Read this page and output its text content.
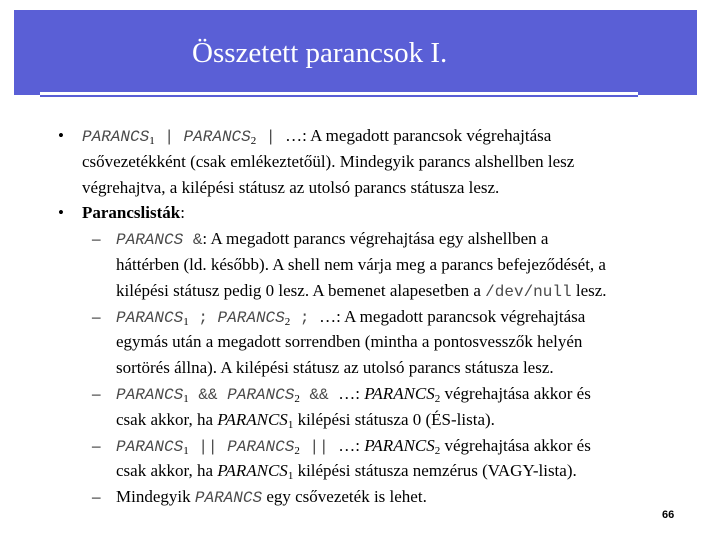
Összetett parancsok I.
• $PARANCS_1$ | $PARANCS_2$ | …: A megadott parancsok végrehajtása
csővezetékként (csak emlékeztetőül). Mindegyik parancs alshellben lesz
végrehajtva, a kilépési státusz az utolsó parancs státusza lesz.
• Parancslisták:
– PARANCS &: A megadott parancs végrehajtása egy alshellben a
háttérben (ld. később). A shell nem várja meg a parancs befejeződését, a
kilépési státusz pedig 0 lesz. A bemenet alapesetben a /dev/null lesz.
– $PARANCS_1$ ; $PARANCS_2$ ; …: A megadott parancsok végrehajtása
egymás után a megadott sorrendben (mintha a pontosvesszők helyén
sortörés állna). A kilépési státusz az utolsó parancs státusza lesz.
– $PARANCS_1$ && $PARANCS_2$ && …: $PARANCS_2$ végrehajtása akkor és
csak akkor, ha $PARANCS_1$ kilépési státusza 0 (ÉS-lista).
– $PARANCS_1$ || $PARANCS_2$ || …: $PARANCS_2$ végrehajtása akkor és
csak akkor, ha $PARANCS_1$ kilépési státusza nemzérus (VAGY-lista).
– Mindegyik PARANCS egy csővezeték is lehet.
66
